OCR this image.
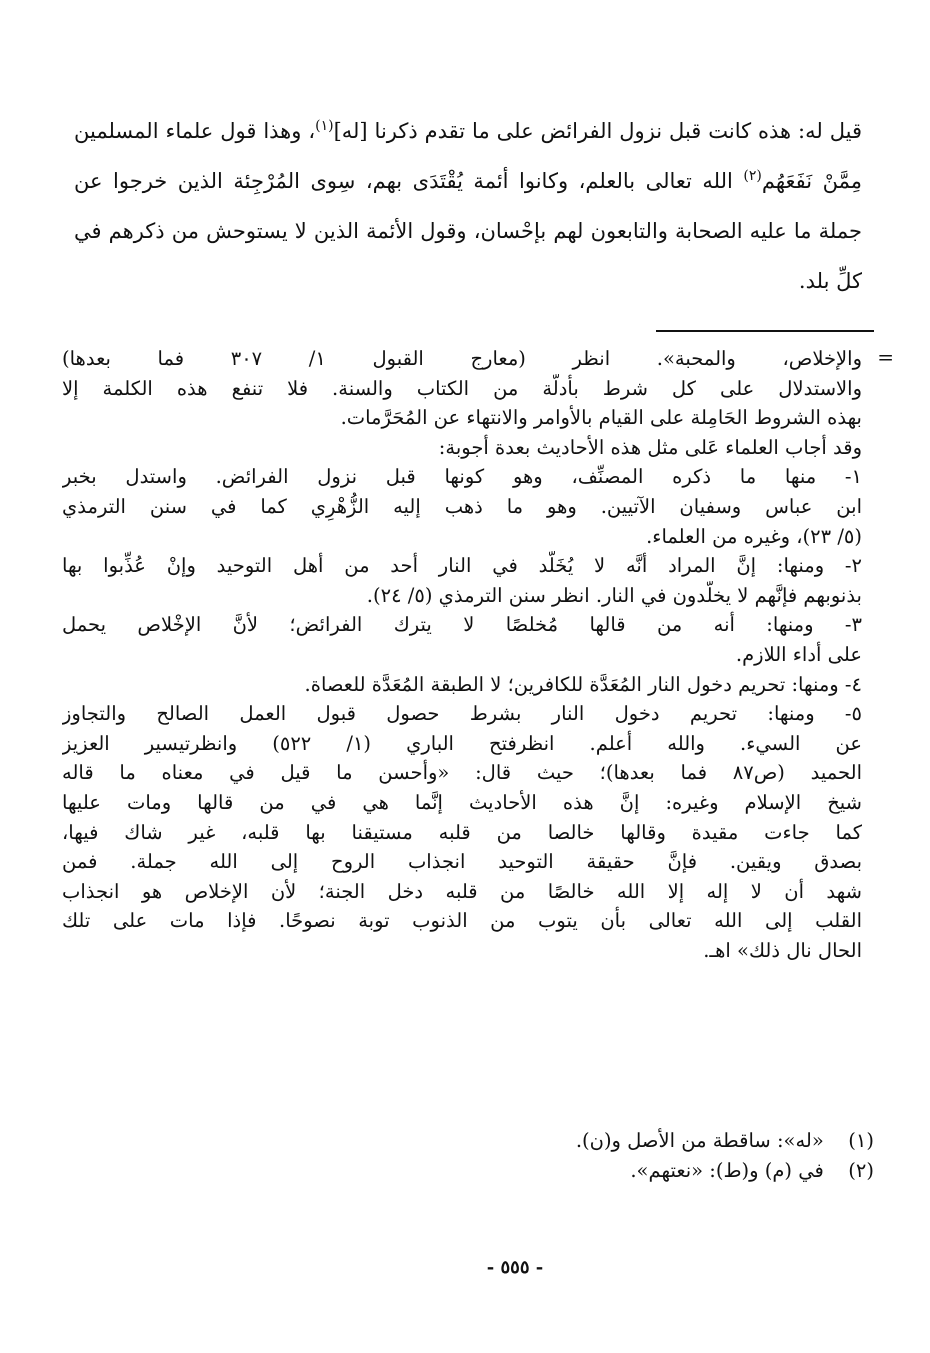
قيل له: هذه كانت قبل نزول الفرائض على ما تقدم ذكرنا [له]$^{(١)}$، وهذا قول علماء المسلمين مِمَّنْ نَفَعَهُم$^{(٢)}$ الله تعالى بالعلم، وكانوا أئمة يُقْتَدَى بهم، سِوى المُرْجِئة الذين خرجوا عن جملة ما عليه الصحابة والتابعون لهم بإحْسان، وقول الأئمة الذين لا يستوحش من ذكرهم في كلِّ بلد.

=
والإخلاص، والمحبة». انظر (معارج القبول ١/ ٣٠٧ فما بعدها)
والاستدلال على كل شرط بأدلَّة من الكتاب والسنة. فلا تنفع هذه الكلمة إلا
بهذه الشروط الحَامِلة على القيام بالأوامر والانتهاء عن المُحَرَّمات.
وقد أجاب العلماء عَلى مثل هذه الأحاديث بعدة أجوبة:
١- منها ما ذكره المصنِّف، وهو كونها قبل نزول الفرائض. واستدل بخبر
ابن عباس وسفيان الآتيين. وهو ما ذهب إليه الزُّهْرِي كما في سنن الترمذي
(٥/ ٢٣)، وغيره من العلماء.
٢- ومنها: إنَّ المراد أنَّه لا يُخَلَّد في النار أحد من أهل التوحيد وإنْ عُذِّبوا بها
بذنوبهم فإنَّهم لا يخلَّدون في النار. انظر سنن الترمذي (٥/ ٢٤).
٣- ومنها: أنه من قالها مُخلصًا لا يترك الفرائض؛ لأنَّ الإخْلاص يحمل
على أداء اللازم.
٤- ومنها: تحريم دخول النار المُعَدَّة للكافرين؛ لا الطبقة المُعَدَّة للعصاة.
٥- ومنها: تحريم دخول النار بشرط حصول قبول العمل الصالح والتجاوز
عن السيء. والله أعلم. انظرفتح الباري (١/ ٥٢٢) وانظرتيسير العزيز
الحميد (ص٨٧ فما بعدها)؛ حيث قال: «وأحسن ما قيل في معناه ما قاله
شيخ الإسلام وغيره: إنَّ هذه الأحاديث إنَّما هي في من قالها ومات عليها
كما جاءت مقيدة وقالها خالصا من قلبه مستيقنا بها قلبه، غير شاك فيها،
بصدق ويقين. فإنَّ حقيقة التوحيد انجذاب الروح إلى الله جملة. فمن
شهد أن لا إله إلا الله خالصًا من قلبه دخل الجنة؛ لأن الإخلاص هو انجذاب
القلب إلى الله تعالى بأن يتوب من الذنوب توبة نصوحًا. فإذا مات على تلك
الحال نال ذلك» اهـ.
(١) «له»: ساقطة من الأصل و(ن).
(٢) في (م) و(ط): «نعتهم».
- ٥٥٥ -
